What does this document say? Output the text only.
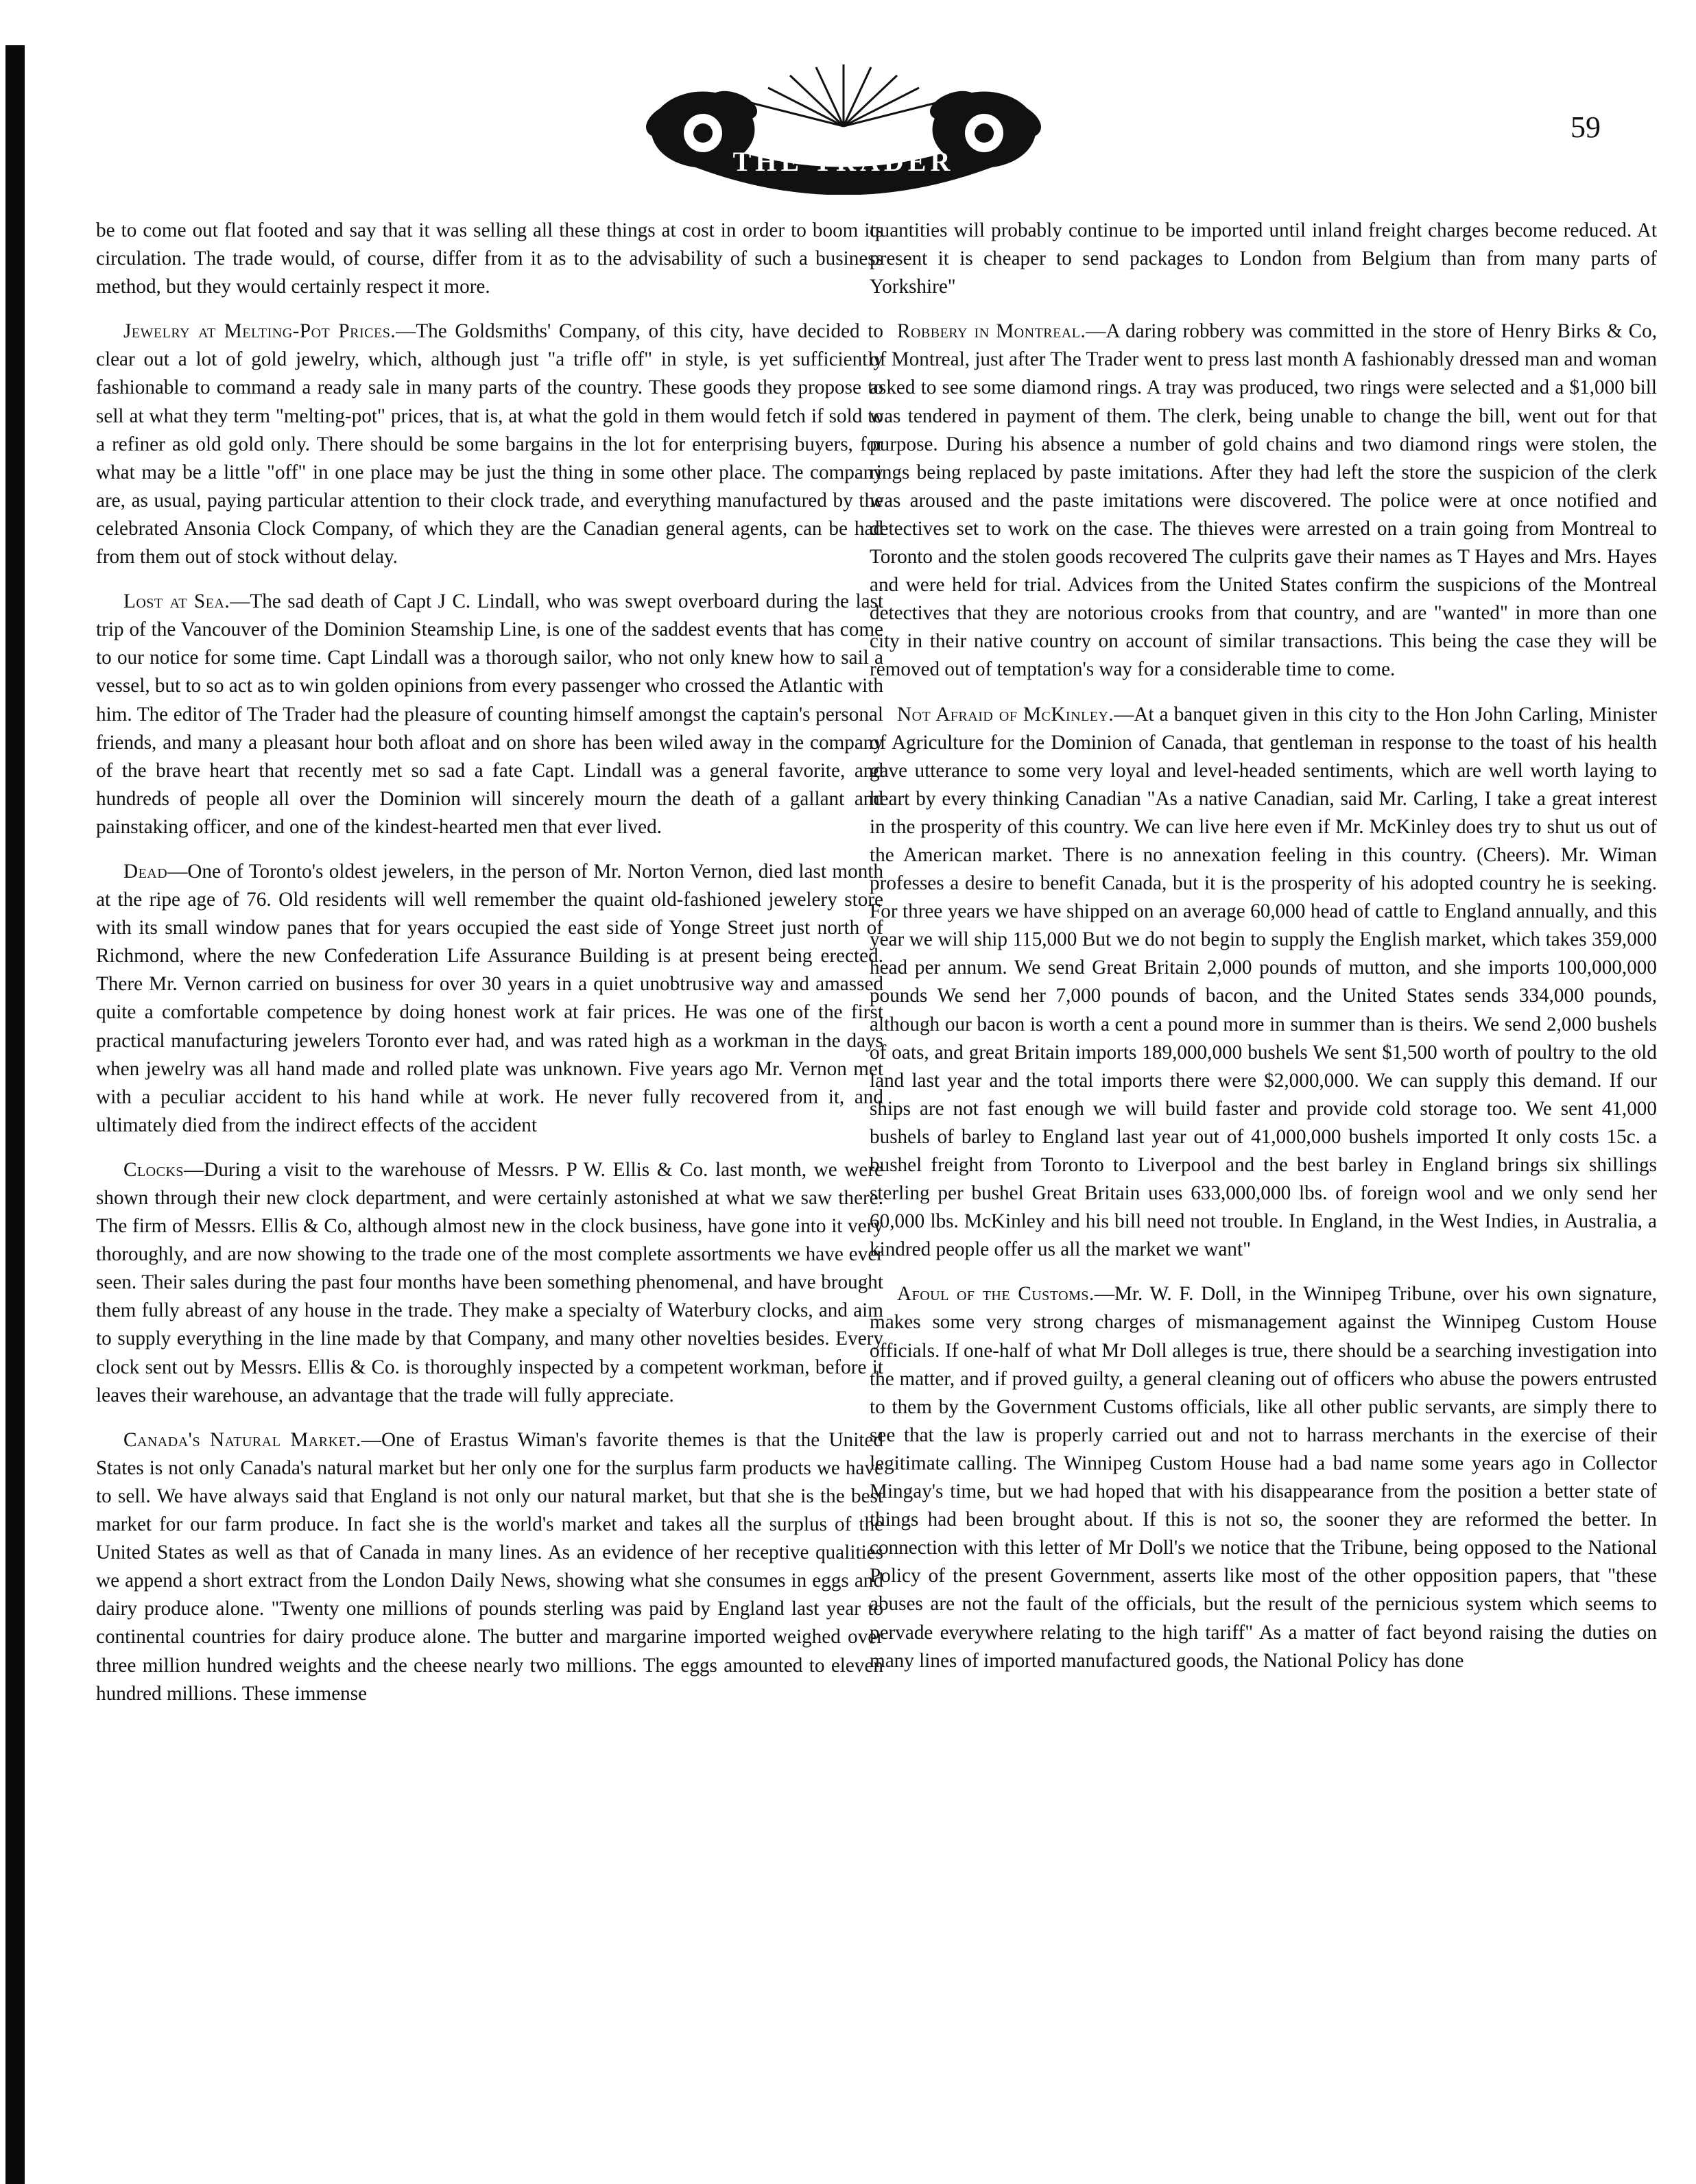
THE TRADER
59

be to come out flat footed and say that it was selling all these things at cost in order to boom its circulation. The trade would, of course, differ from it as to the advisability of such a business method, but they would certainly respect it more.

Jewelry at Melting-Pot Prices.—The Goldsmiths' Company, of this city, have decided to clear out a lot of gold jewelry, which, although just "a trifle off" in style, is yet sufficiently fashionable to command a ready sale in many parts of the country. These goods they propose to sell at what they term "melting-pot" prices, that is, at what the gold in them would fetch if sold to a refiner as old gold only. There should be some bargains in the lot for enterprising buyers, for what may be a little "off" in one place may be just the thing in some other place. The company are, as usual, paying particular attention to their clock trade, and everything manufactured by the celebrated Ansonia Clock Company, of which they are the Canadian general agents, can be had from them out of stock without delay.

Lost at Sea.—The sad death of Capt J C. Lindall, who was swept overboard during the last trip of the Vancouver of the Dominion Steamship Line, is one of the saddest events that has come to our notice for some time. Capt Lindall was a thorough sailor, who not only knew how to sail a vessel, but to so act as to win golden opinions from every passenger who crossed the Atlantic with him. The editor of The Trader had the pleasure of counting himself amongst the captain's personal friends, and many a pleasant hour both afloat and on shore has been wiled away in the company of the brave heart that recently met so sad a fate Capt. Lindall was a general favorite, and hundreds of people all over the Dominion will sincerely mourn the death of a gallant and painstaking officer, and one of the kindest-hearted men that ever lived.

Dead—One of Toronto's oldest jewelers, in the person of Mr. Norton Vernon, died last month at the ripe age of 76. Old residents will well remember the quaint old-fashioned jewelery store with its small window panes that for years occupied the east side of Yonge Street just north of Richmond, where the new Confederation Life Assurance Building is at present being erected. There Mr. Vernon carried on business for over 30 years in a quiet unobtrusive way and amassed quite a comfortable competence by doing honest work at fair prices. He was one of the first practical manufacturing jewelers Toronto ever had, and was rated high as a workman in the days when jewelry was all hand made and rolled plate was unknown. Five years ago Mr. Vernon met with a peculiar accident to his hand while at work. He never fully recovered from it, and ultimately died from the indirect effects of the accident

Clocks—During a visit to the warehouse of Messrs. P W. Ellis & Co. last month, we were shown through their new clock department, and were certainly astonished at what we saw there. The firm of Messrs. Ellis & Co, although almost new in the clock business, have gone into it very thoroughly, and are now showing to the trade one of the most complete assortments we have ever seen. Their sales during the past four months have been something phenomenal, and have brought them fully abreast of any house in the trade. They make a specialty of Waterbury clocks, and aim to supply everything in the line made by that Company, and many other novelties besides. Every clock sent out by Messrs. Ellis & Co. is thoroughly inspected by a competent workman, before it leaves their warehouse, an advantage that the trade will fully appreciate.

Canada's Natural Market.—One of Erastus Wiman's favorite themes is that the United States is not only Canada's natural market but her only one for the surplus farm products we have to sell. We have always said that England is not only our natural market, but that she is the best market for our farm produce. In fact she is the world's market and takes all the surplus of the United States as well as that of Canada in many lines. As an evidence of her receptive qualities we append a short extract from the London Daily News, showing what she consumes in eggs and dairy produce alone. "Twenty one millions of pounds sterling was paid by England last year to continental countries for dairy produce alone. The butter and margarine imported weighed over three million hundred weights and the cheese nearly two millions. The eggs amounted to eleven hundred millions. These immense

quantities will probably continue to be imported until inland freight charges become reduced. At present it is cheaper to send packages to London from Belgium than from many parts of Yorkshire"

Robbery in Montreal.—A daring robbery was committed in the store of Henry Birks & Co, of Montreal, just after The Trader went to press last month A fashionably dressed man and woman asked to see some diamond rings. A tray was produced, two rings were selected and a $1,000 bill was tendered in payment of them. The clerk, being unable to change the bill, went out for that purpose. During his absence a number of gold chains and two diamond rings were stolen, the rings being replaced by paste imitations. After they had left the store the suspicion of the clerk was aroused and the paste imitations were discovered. The police were at once notified and detectives set to work on the case. The thieves were arrested on a train going from Montreal to Toronto and the stolen goods recovered The culprits gave their names as T Hayes and Mrs. Hayes and were held for trial. Advices from the United States confirm the suspicions of the Montreal detectives that they are notorious crooks from that country, and are "wanted" in more than one city in their native country on account of similar transactions. This being the case they will be removed out of temptation's way for a considerable time to come.

Not Afraid of McKinley.—At a banquet given in this city to the Hon John Carling, Minister of Agriculture for the Dominion of Canada, that gentleman in response to the toast of his health gave utterance to some very loyal and level-headed sentiments, which are well worth laying to heart by every thinking Canadian "As a native Canadian, said Mr. Carling, I take a great interest in the prosperity of this country. We can live here even if Mr. McKinley does try to shut us out of the American market. There is no annexation feeling in this country. (Cheers). Mr. Wiman professes a desire to benefit Canada, but it is the prosperity of his adopted country he is seeking. For three years we have shipped on an average 60,000 head of cattle to England annually, and this year we will ship 115,000 But we do not begin to supply the English market, which takes 359,000 head per annum. We send Great Britain 2,000 pounds of mutton, and she imports 100,000,000 pounds We send her 7,000 pounds of bacon, and the United States sends 334,000 pounds, although our bacon is worth a cent a pound more in summer than is theirs. We send 2,000 bushels of oats, and great Britain imports 189,000,000 bushels We sent $1,500 worth of poultry to the old land last year and the total imports there were $2,000,000. We can supply this demand. If our ships are not fast enough we will build faster and provide cold storage too. We sent 41,000 bushels of barley to England last year out of 41,000,000 bushels imported It only costs 15c. a bushel freight from Toronto to Liverpool and the best barley in England brings six shillings sterling per bushel Great Britain uses 633,000,000 lbs. of foreign wool and we only send her 60,000 lbs. McKinley and his bill need not trouble. In England, in the West Indies, in Australia, a kindred people offer us all the market we want"

Afoul of the Customs.—Mr. W. F. Doll, in the Winnipeg Tribune, over his own signature, makes some very strong charges of mismanagement against the Winnipeg Custom House officials. If one-half of what Mr Doll alleges is true, there should be a searching investigation into the matter, and if proved guilty, a general cleaning out of officers who abuse the powers entrusted to them by the Government Customs officials, like all other public servants, are simply there to see that the law is properly carried out and not to harrass merchants in the exercise of their legitimate calling. The Winnipeg Custom House had a bad name some years ago in Collector Mingay's time, but we had hoped that with his disappearance from the position a better state of things had been brought about. If this is not so, the sooner they are reformed the better. In connection with this letter of Mr Doll's we notice that the Tribune, being opposed to the National Policy of the present Government, asserts like most of the other opposition papers, that "these abuses are not the fault of the officials, but the result of the pernicious system which seems to pervade everywhere relating to the high tariff" As a matter of fact beyond raising the duties on many lines of imported manufactured goods, the National Policy has done
